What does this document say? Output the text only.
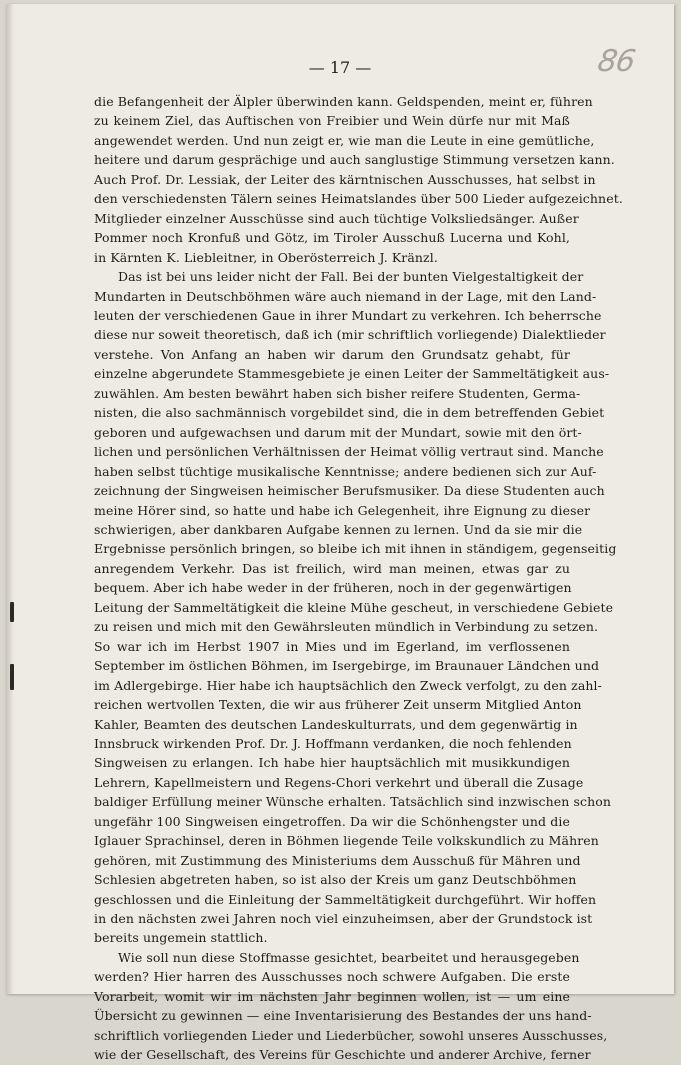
— 17 —	86
die Befangenheit der Älpler überwinden kann. Geldspenden, meint er, führen
zu keinem Ziel, das Auftischen von Freibier und Wein dürfe nur mit Maß
angewendet werden. Und nun zeigt er, wie man die Leute in eine gemütliche,
heitere und darum gesprächige und auch sanglustige Stimmung versetzen kann.
Auch Prof. Dr. Lessiak, der Leiter des kärntnischen Ausschusses, hat selbst in
den verschiedensten Tälern seines Heimatslandes über 500 Lieder aufgezeichnet.
Mitglieder einzelner Ausschüsse sind auch tüchtige Volksliedsänger. Außer
Pommer noch Kronfuß und Götz, im Tiroler Ausschuß Lucerna und Kohl,
in Kärnten K. Liebleitner, in Oberösterreich J. Kränzl.
Das ist bei uns leider nicht der Fall. Bei der bunten Vielgestaltigkeit der
Mundarten in Deutschböhmen wäre auch niemand in der Lage, mit den Land-
leuten der verschiedenen Gaue in ihrer Mundart zu verkehren. Ich beherrsche
diese nur soweit theoretisch, daß ich (mir schriftlich vorliegende) Dialektlieder
verstehe. Von Anfang an haben wir darum den Grundsatz gehabt, für
einzelne abgerundete Stammesgebiete je einen Leiter der Sammeltätigkeit aus-
zuwählen. Am besten bewährt haben sich bisher reifere Studenten, Germa-
nisten, die also sachmännisch vorgebildet sind, die in dem betreffenden Gebiet
geboren und aufgewachsen und darum mit der Mundart, sowie mit den ört-
lichen und persönlichen Verhältnissen der Heimat völlig vertraut sind. Manche
haben selbst tüchtige musikalische Kenntnisse; andere bedienen sich zur Auf-
zeichnung der Singweisen heimischer Berufsmusiker. Da diese Studenten auch
meine Hörer sind, so hatte und habe ich Gelegenheit, ihre Eignung zu dieser
schwierigen, aber dankbaren Aufgabe kennen zu lernen. Und da sie mir die
Ergebnisse persönlich bringen, so bleibe ich mit ihnen in ständigem, gegenseitig
anregendem Verkehr. Das ist freilich, wird man meinen, etwas gar zu
bequem. Aber ich habe weder in der früheren, noch in der gegenwärtigen
Leitung der Sammeltätigkeit die kleine Mühe gescheut, in verschiedene Gebiete
zu reisen und mich mit den Gewährsleuten mündlich in Verbindung zu setzen.
So war ich im Herbst 1907 in Mies und im Egerland, im verflossenen
September im östlichen Böhmen, im Isergebirge, im Braunauer Ländchen und
im Adlergebirge. Hier habe ich hauptsächlich den Zweck verfolgt, zu den zahl-
reichen wertvollen Texten, die wir aus früherer Zeit unserm Mitglied Anton
Kahler, Beamten des deutschen Landeskulturrats, und dem gegenwärtig in
Innsbruck wirkenden Prof. Dr. J. Hoffmann verdanken, die noch fehlenden
Singweisen zu erlangen. Ich habe hier hauptsächlich mit musikkundigen
Lehrern, Kapellmeistern und Regens-Chori verkehrt und überall die Zusage
baldiger Erfüllung meiner Wünsche erhalten. Tatsächlich sind inzwischen schon
ungefähr 100 Singweisen eingetroffen. Da wir die Schönhengster und die
Iglauer Sprachinsel, deren in Böhmen liegende Teile volkskundlich zu Mähren
gehören, mit Zustimmung des Ministeriums dem Ausschuß für Mähren und
Schlesien abgetreten haben, so ist also der Kreis um ganz Deutschböhmen
geschlossen und die Einleitung der Sammeltätigkeit durchgeführt. Wir hoffen
in den nächsten zwei Jahren noch viel einzuheimsen, aber der Grundstock ist
bereits ungemein stattlich.
Wie soll nun diese Stoffmasse gesichtet, bearbeitet und herausgegeben
werden? Hier harren des Ausschusses noch schwere Aufgaben. Die erste
Vorarbeit, womit wir im nächsten Jahr beginnen wollen, ist — um eine
Übersicht zu gewinnen — eine Inventarisierung des Bestandes der uns hand-
schriftlich vorliegenden Lieder und Liederbücher, sowohl unseres Ausschusses,
wie der Gesellschaft, des Vereins für Geschichte und anderer Archive, ferner
